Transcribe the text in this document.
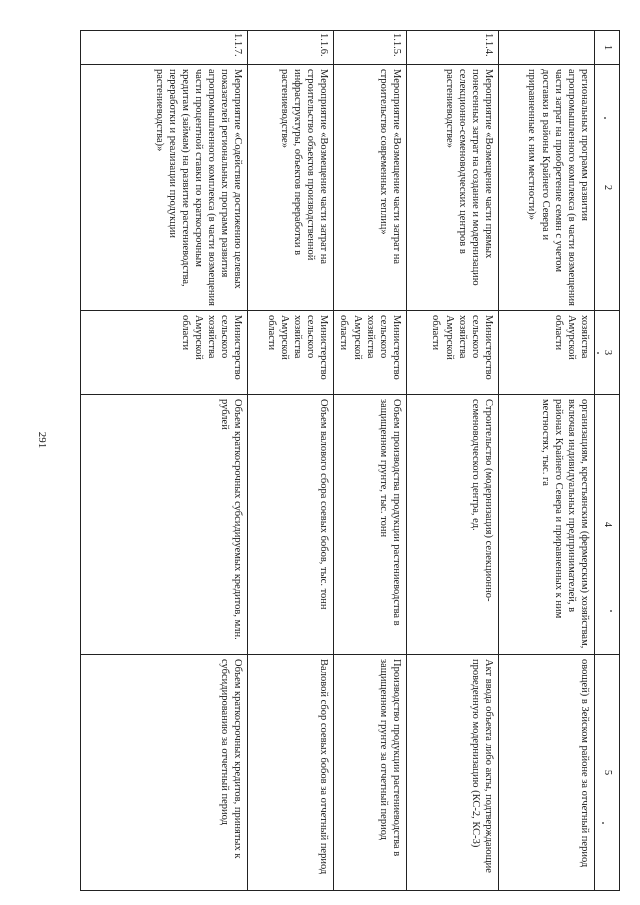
291
1	2	3	4	5
	региональных программ развития агропромышленного комплекса (в части возмещения части затрат на приобретение семян с учетом доставки в районы Крайнего Севера и приравненные к ним местности)»	хозяйства Амурской области	организациям, крестьянским (фермерским) хозяйствам, включая индивидуальных предпринимателей, в районах Крайнего Севера и приравненных к ним местностях, тыс. га	овощей) в Зейском районе за отчетный период
1.1.4.	Мероприятие «Возмещение части прямых понесенных затрат на создание и модернизацию селекционно-семеноводческих центров в растениеводстве»	Министерство сельского хозяйства Амурской области	Строительство (модернизация) селекционно-семеноводческого центра, ед.	Акт ввода объекта либо акты, подтверждающие проведенную модернизацию (КС-2, КС-3)
1.1.5.	Мероприятие «Возмещение части затрат на строительство современных теплиц»	Министерство сельского хозяйства Амурской области	Объем производства продукции растениеводства в защищенном грунте, тыс. тонн	Производство продукции растениеводства в защищенном грунте за отчетный период
1.1.6.	Мероприятие «Возмещение части затрат на строительство объектов производственной инфраструктуры, объектов переработки в растениеводстве»	Министерство сельского хозяйства Амурской области	Объем валового сбора соевых бобов, тыс. тонн	Валовой сбор соевых бобов за отчетный период
1.1.7.	Мероприятие «Содействие достижению целевых показателей региональных программ развития агропромышленного комплекса (в части возмещения части процентной ставки по краткосрочным кредитам (займам) на развитие растениеводства, переработки и реализации продукции растениеводства)»	Министерство сельского хозяйства Амурской области	Объем краткосрочных субсидируемых кредитов, млн. рублей	Объем краткосрочных кредитов, принятых к субсидированию за отчетный период
